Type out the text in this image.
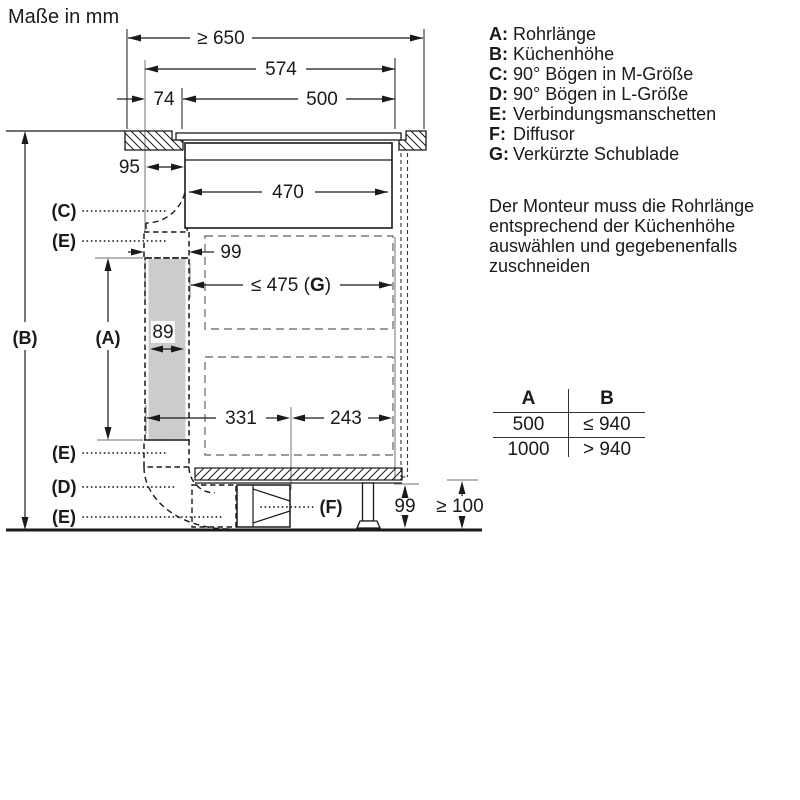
Maße in mm
≥ 650
574
74	500
95
470
99
≤ 475 (G)
89
331	243
99 ≥ 100
(C)
(E)
(B)	(A)
(E)
(D)
(E)	(F)
A: Rohrlänge
B: Küchenhöhe
C: 90° Bögen in M-Größe
D: 90° Bögen in L-Größe
E: Verbindungsmanschetten
F: Diffusor
G: Verkürzte Schublade
Der Monteur muss die Rohrlänge
entsprechend der Küchenhöhe
auswählen und gegebenenfalls
zuschneiden
A	B
500	≤ 940
1000	> 940
